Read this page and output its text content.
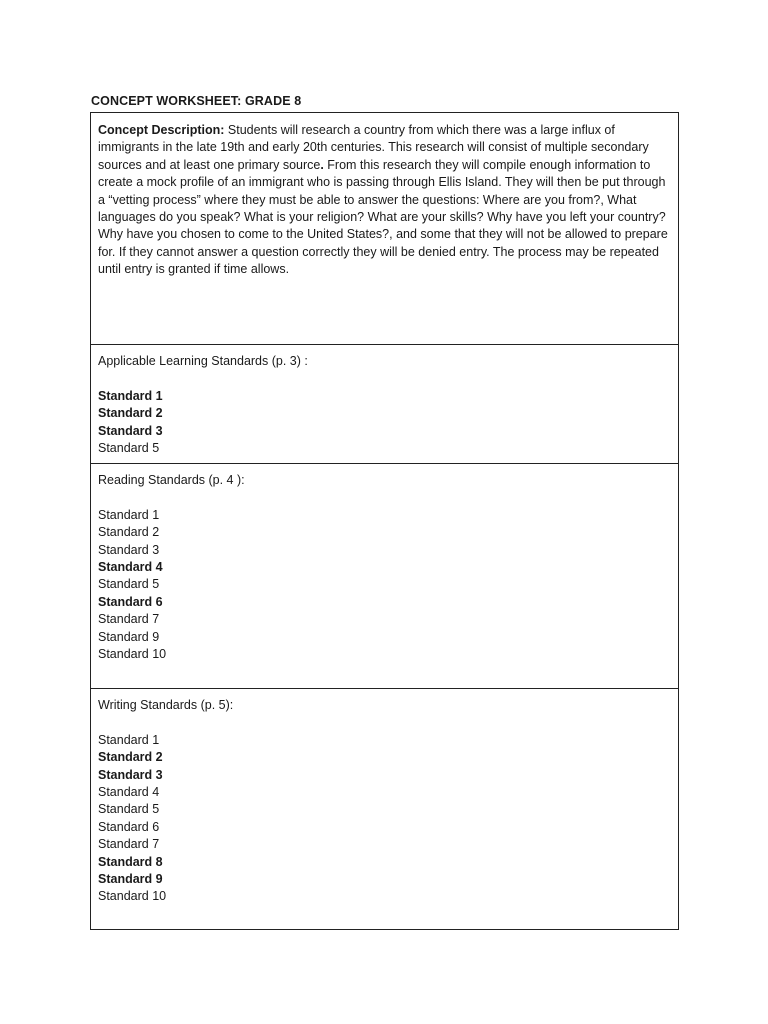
CONCEPT WORKSHEET: GRADE 8
Concept Description: Students will research a country from which there was a large influx of immigrants in the late 19th and early 20th centuries. This research will consist of multiple secondary sources and at least one primary source. From this research they will compile enough information to create a mock profile of an immigrant who is passing through Ellis Island. They will then be put through a “vetting process” where they must be able to answer the questions: Where are you from?, What languages do you speak? What is your religion? What are your skills? Why have you left your country? Why have you chosen to come to the United States?, and some that they will not be allowed to prepare for. If they cannot answer a question correctly they will be denied entry. The process may be repeated until entry is granted if time allows.
Applicable Learning Standards (p. 3) :
Standard 1
Standard 2
Standard 3
Standard 5
Reading Standards (p. 4 ):
Standard 1
Standard 2
Standard 3
Standard 4
Standard 5
Standard 6
Standard 7
Standard 9
Standard 10
Writing Standards (p. 5):
Standard 1
Standard 2
Standard 3
Standard 4
Standard 5
Standard 6
Standard 7
Standard 8
Standard 9
Standard 10
